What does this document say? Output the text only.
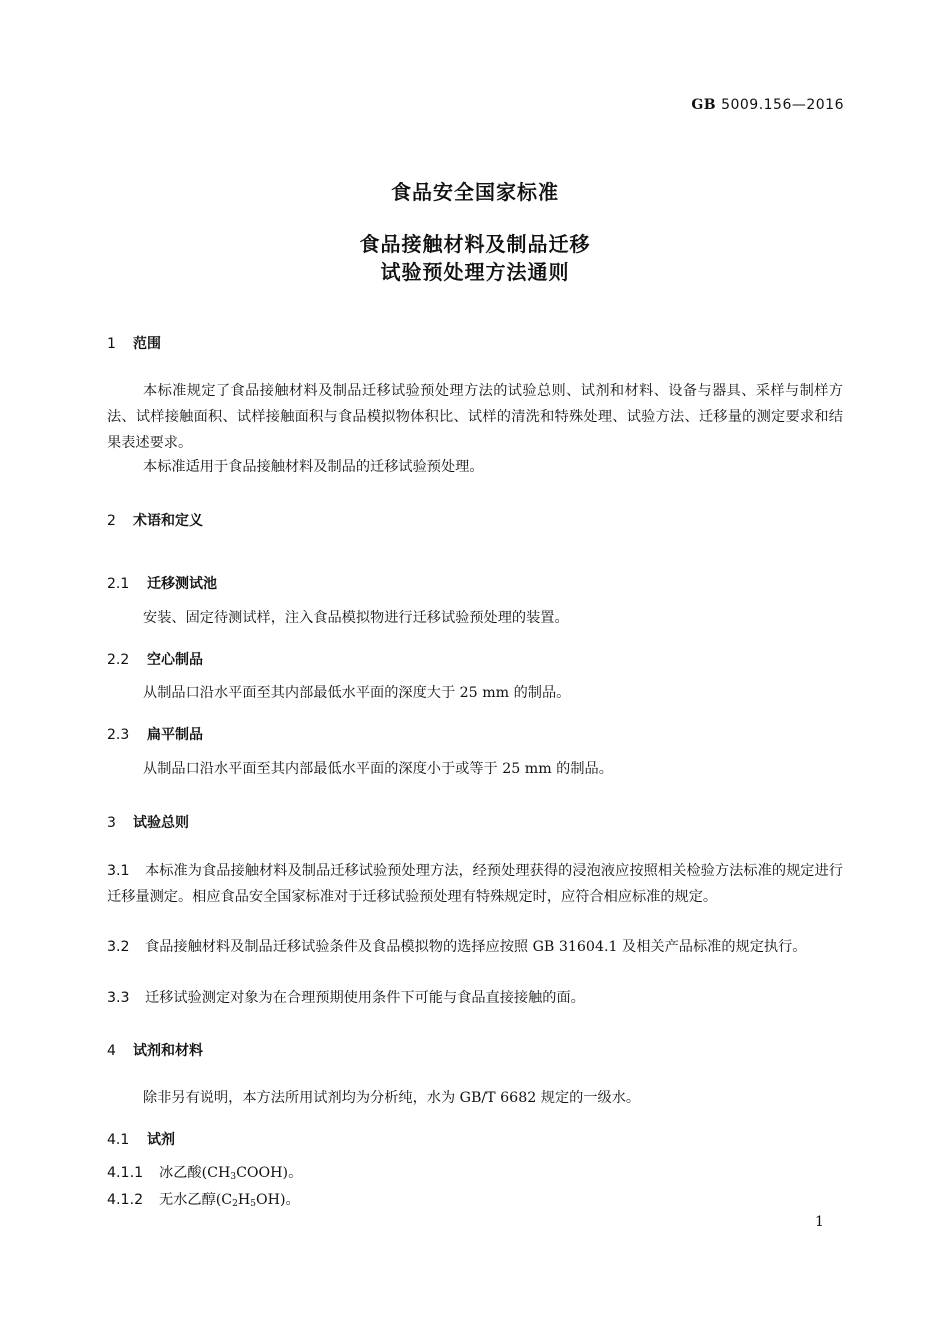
GB 5009.156—2016
食品安全国家标准
食品接触材料及制品迁移
试验预处理方法通则
1 范围
本标准规定了食品接触材料及制品迁移试验预处理方法的试验总则、试剂和材料、设备与器具、采样与制样方法、试样接触面积、试样接触面积与食品模拟物体积比、试样的清洗和特殊处理、试验方法、迁移量的测定要求和结果表述要求。
本标准适用于食品接触材料及制品的迁移试验预处理。
2 术语和定义
2.1 迁移测试池
安装、固定待测试样，注入食品模拟物进行迁移试验预处理的装置。
2.2 空心制品
从制品口沿水平面至其内部最低水平面的深度大于 25 mm 的制品。
2.3 扁平制品
从制品口沿水平面至其内部最低水平面的深度小于或等于 25 mm 的制品。
3 试验总则
3.1 本标准为食品接触材料及制品迁移试验预处理方法，经预处理获得的浸泡液应按照相关检验方法标准的规定进行迁移量测定。相应食品安全国家标准对于迁移试验预处理有特殊规定时，应符合相应标准的规定。
3.2 食品接触材料及制品迁移试验条件及食品模拟物的选择应按照 GB 31604.1 及相关产品标准的规定执行。
3.3 迁移试验测定对象为在合理预期使用条件下可能与食品直接接触的面。
4 试剂和材料
除非另有说明，本方法所用试剂均为分析纯，水为 GB/T 6682 规定的一级水。
4.1 试剂
4.1.1 冰乙酸$(CH_3COOH)$。
4.1.2 无水乙醇$(C_2H_5OH)$。
1
